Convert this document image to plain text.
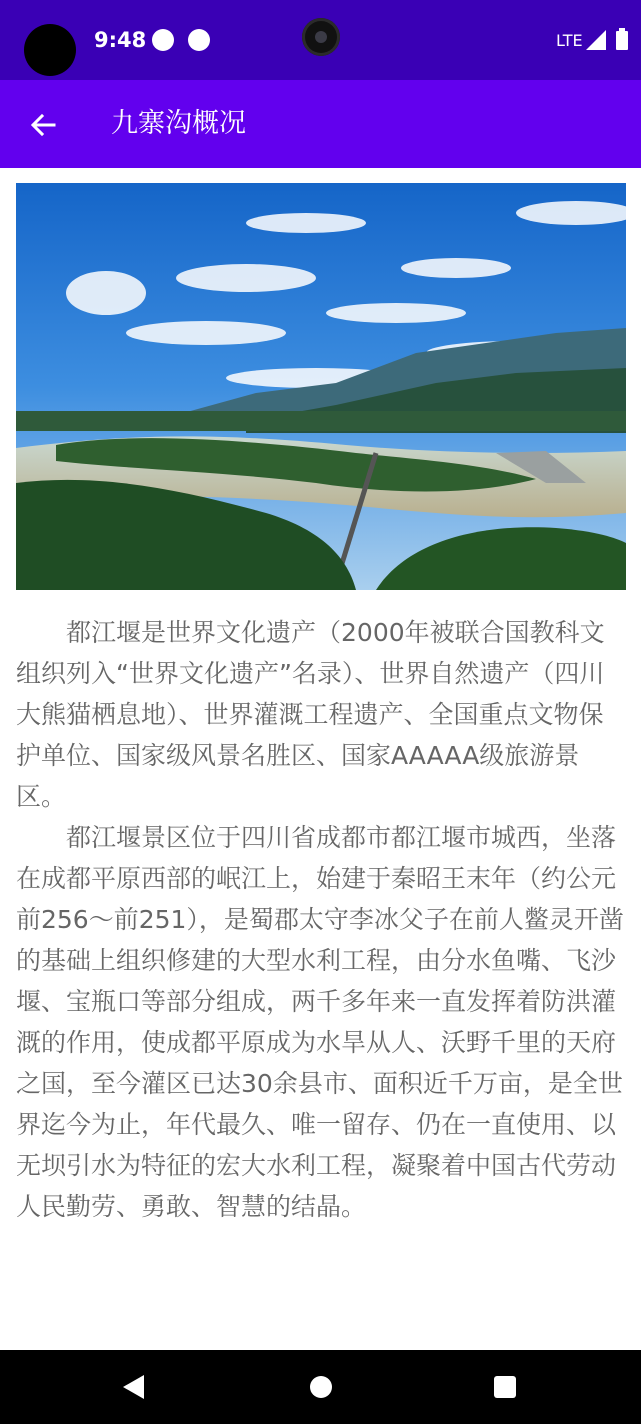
9:48	LTE
九寨沟概况

都江堰是世界文化遗产（2000年被联合国教科文组织列入“世界文化遗产”名录）、世界自然遗产（四川大熊猫栖息地）、世界灌溉工程遗产、全国重点文物保护单位、国家级风景名胜区、国家AAAAA级旅游景区。

都江堰景区位于四川省成都市都江堰市城西，坐落在成都平原西部的岷江上，始建于秦昭王末年（约公元前256～前251），是蜀郡太守李冰父子在前人鳖灵开凿的基础上组织修建的大型水利工程，由分水鱼嘴、飞沙堰、宝瓶口等部分组成，两千多年来一直发挥着防洪灌溉的作用，使成都平原成为水旱从人、沃野千里的天府之国，至今灌区已达30余县市、面积近千万亩，是全世界迄今为止，年代最久、唯一留存、仍在一直使用、以无坝引水为特征的宏大水利工程，凝聚着中国古代劳动人民勤劳、勇敢、智慧的结晶。
